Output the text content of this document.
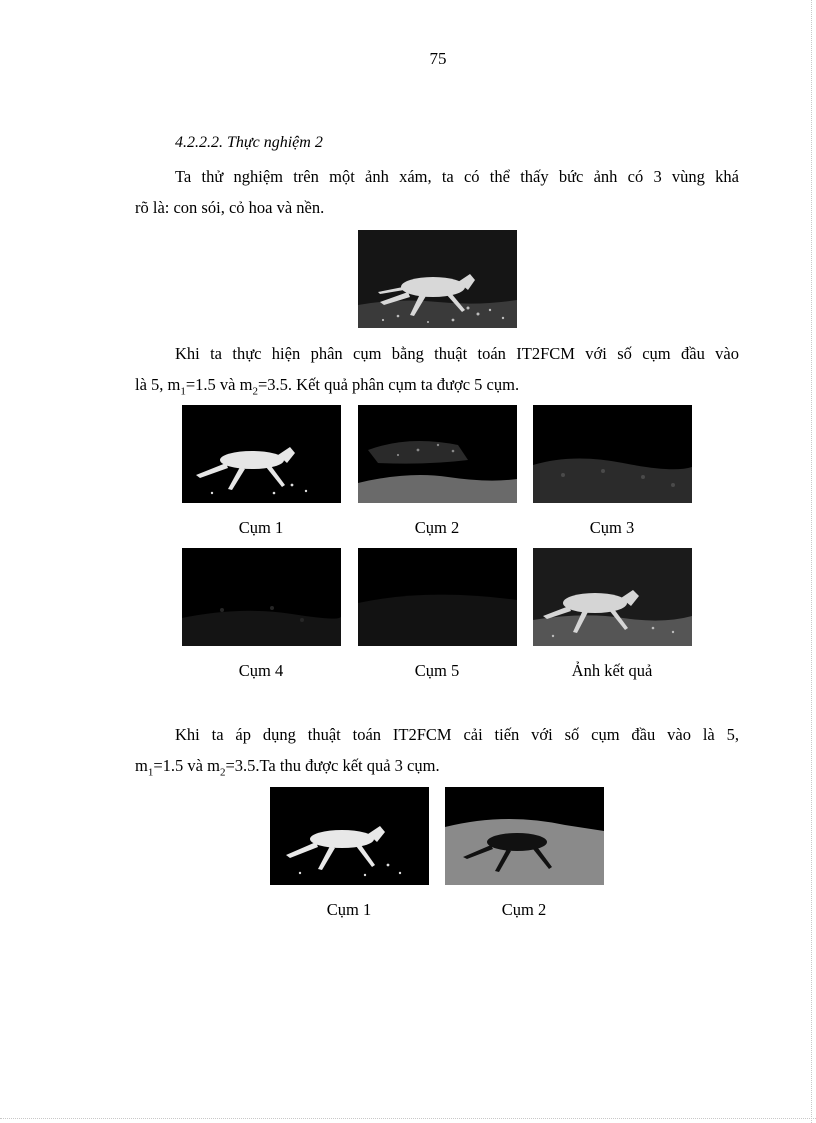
75
4.2.2.2. Thực nghiệm 2
Ta thử nghiệm trên một ảnh xám, ta có thể thấy bức ảnh có 3 vùng khá
rõ là: con sói, cỏ hoa và nền.
Khi ta thực hiện phân cụm bằng thuật toán IT2FCM với số cụm đầu vào
là 5, $m_1=1.5$ và $m_2=3.5$. Kết quả phân cụm ta được 5 cụm.
Cụm 1	Cụm 2	Cụm 3
Cụm 4	Cụm 5	Ảnh kết quả
Khi ta áp dụng thuật toán IT2FCM cải tiến với số cụm đầu vào là 5,
$m_1=1.5$ và $m_2=3.5.Ta$ thu được kết quả 3 cụm.
Cụm 1	Cụm 2
